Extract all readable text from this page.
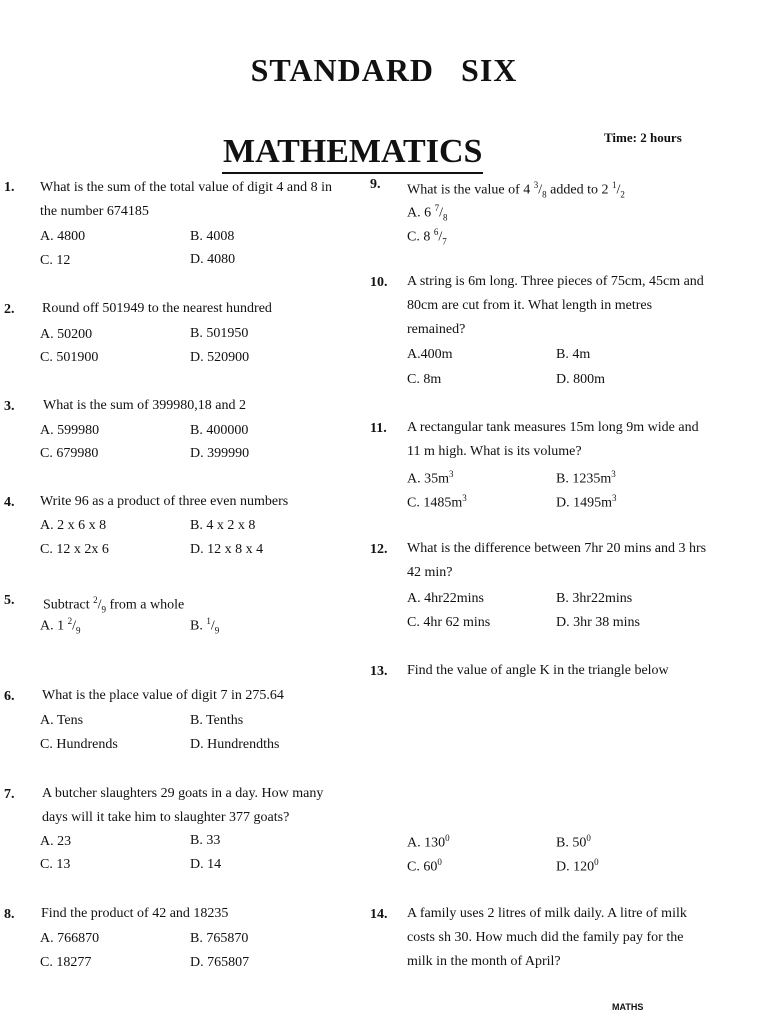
STANDARD SIX
MATHEMATICS	Time: 2 hours
1. What is the sum of the total value of digit 4 and 8 in the number 674185
A. 4800	B. 4008
C. 12	D. 4080
2. Round off 501949 to the nearest hundred
A. 50200	B. 501950
C. 501900	D. 520900
3. What is the sum of 399980,18 and 2
A. 599980	B. 400000
C. 679980	D. 399990
4. Write 96 as a product of three even numbers
A. 2 x 6 x 8	B. 4 x 2 x 8
C. 12 x 2x 6	D. 12 x 8 x 4
5. Subtract $^2/_9$ from a whole
A. 1 $^2/_9$	B. $^1/_9$
6. What is the place value of digit 7 in 275.64
A. Tens	B. Tenths
C. Hundrends	D. Hundrendths
7. A butcher slaughters 29 goats in a day. How many days will it take him to slaughter 377 goats?
A. 23	B. 33
C. 13	D. 14
8. Find the product of 42 and 18235
A. 766870	B. 765870
C. 18277	D. 765807
9. What is the value of 4 $^3/_8$ added to 2 $^1/_2$
A. 6 $^7/_8$
C. 8 $^6/_7$
10. A string is 6m long. Three pieces of 75cm, 45cm and 80cm are cut from it. What length in metres remained?
A.400m	B. 4m
C. 8m	D. 800m
11. A rectangular tank measures 15m long 9m wide and 11 m high. What is its volume?
A. $35m^3$	B. $1235m^3$
C. $1485m^3$	D. $1495m^3$
12. What is the difference between 7hr 20 mins and 3 hrs 42 min?
A. 4hr22mins	B. 3hr22mins
C. 4hr 62 mins	D. 3hr 38 mins
13. Find the value of angle K in the triangle below
A. $130^0$	B. $50^0$
C. $60^0$	D. $120^0$
14. A family uses 2 litres of milk daily. A litre of milk costs sh 30. How much did the family pay for the milk in the month of April?
MATHS
